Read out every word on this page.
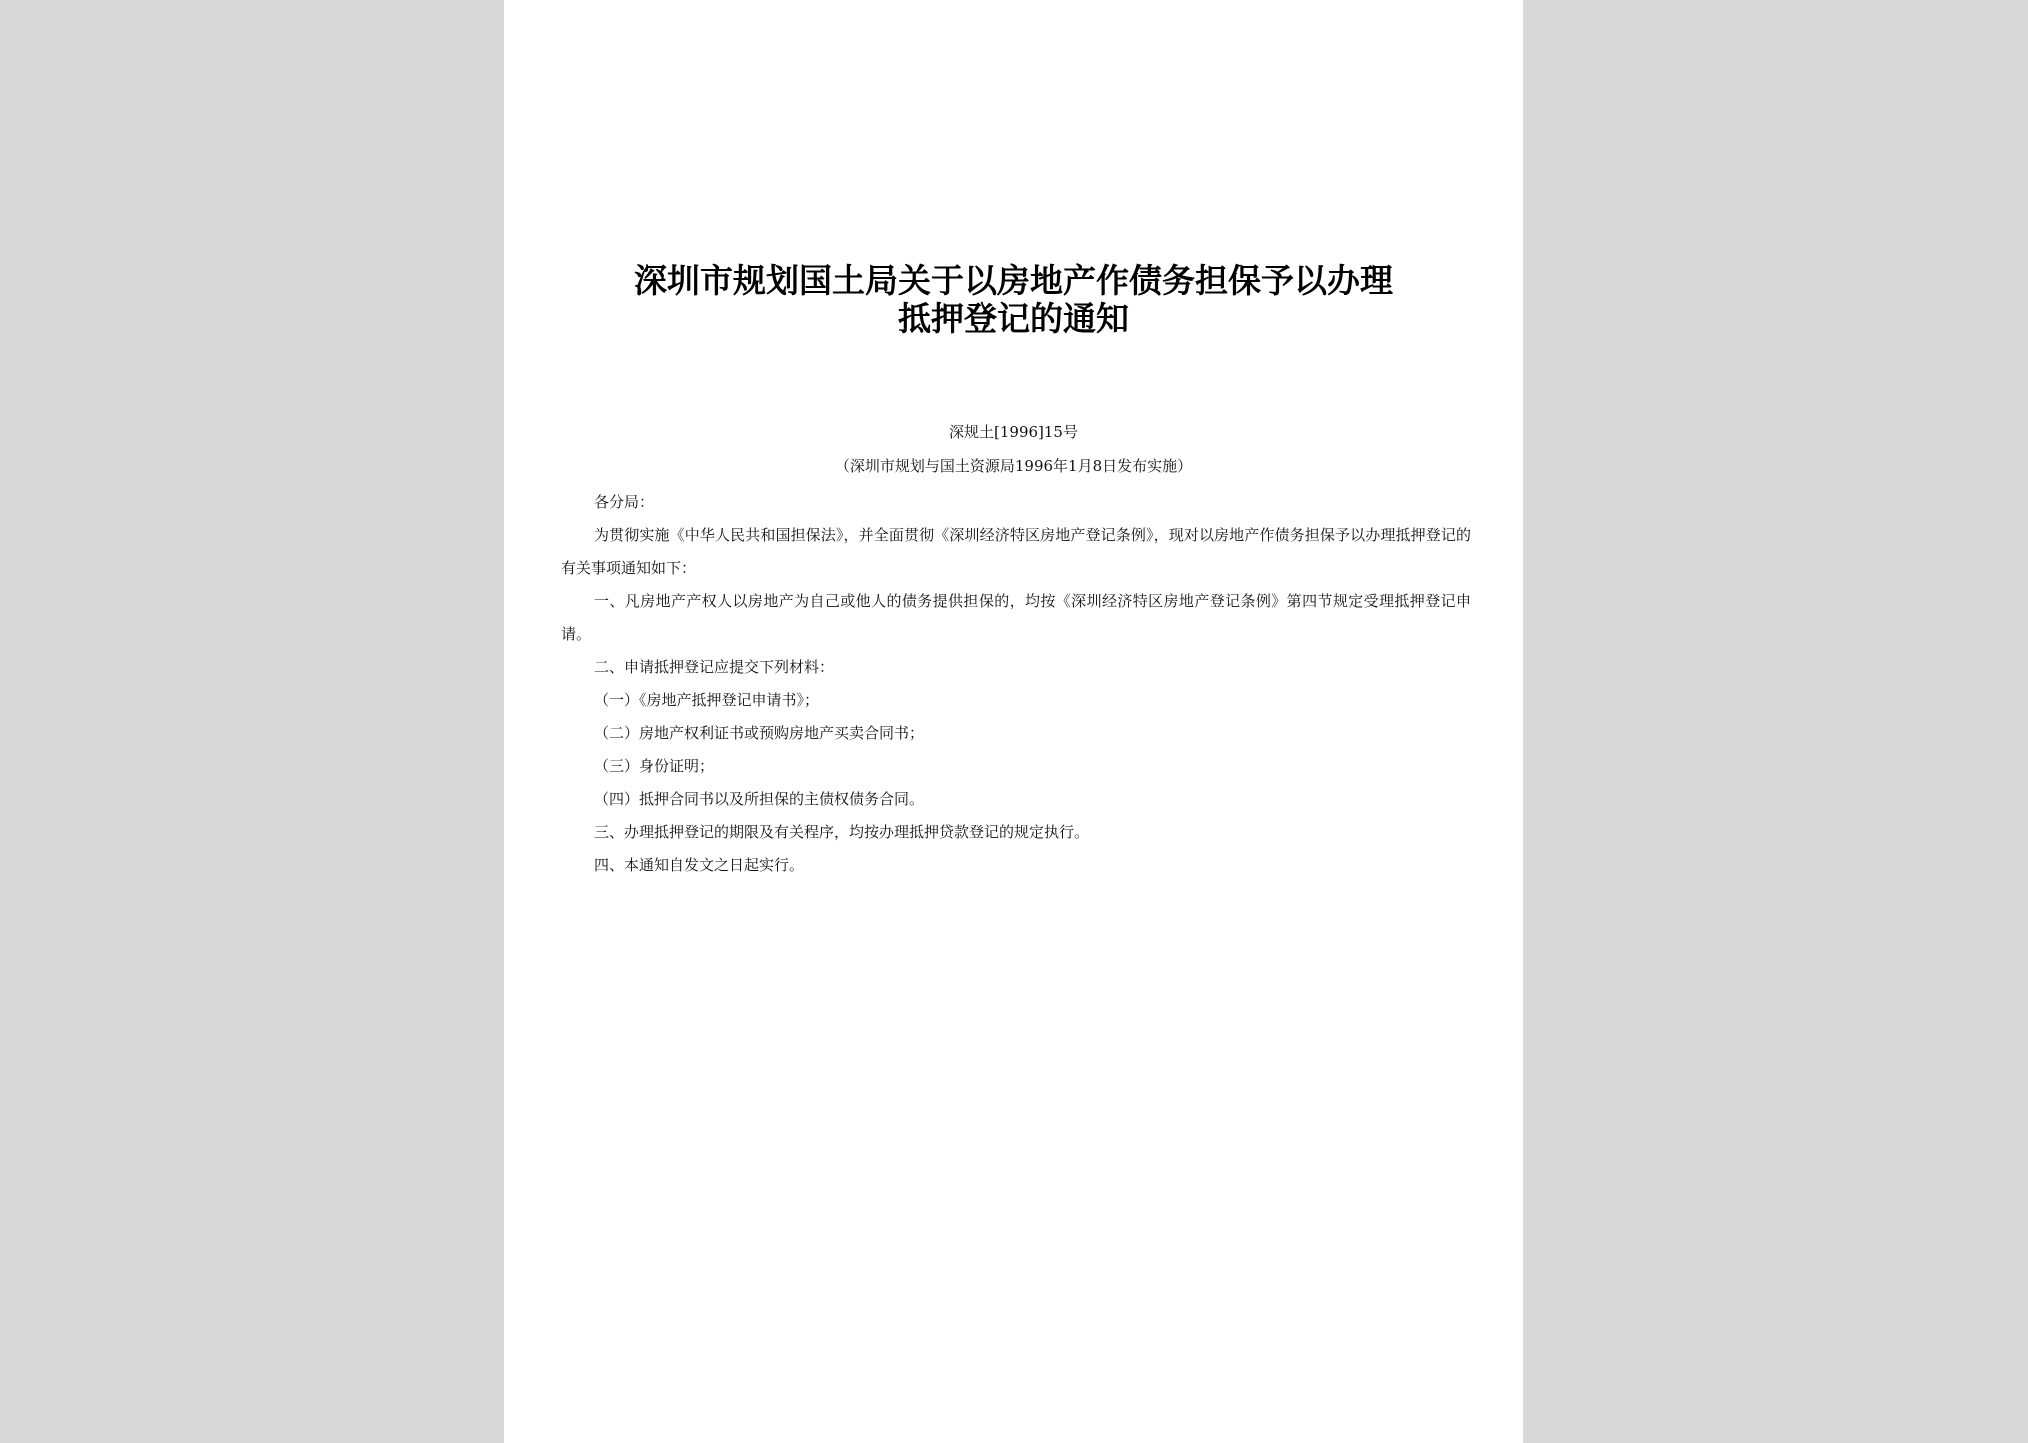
深圳市规划国土局关于以房地产作债务担保予以办理
抵押登记的通知
深规土[1996]15号
（深圳市规划与国土资源局1996年1月8日发布实施）

各分局：

为贯彻实施《中华人民共和国担保法》，并全面贯彻《深圳经济特区房地产登记条例》，现对以房地产作债务担保予以办理抵押登记的有关事项通知如下：

一、凡房地产产权人以房地产为自己或他人的债务提供担保的，均按《深圳经济特区房地产登记条例》第四节规定受理抵押登记申请。

二、申请抵押登记应提交下列材料：

（一）《房地产抵押登记申请书》；

（二）房地产权利证书或预购房地产买卖合同书；

（三）身份证明；

（四）抵押合同书以及所担保的主债权债务合同。

三、办理抵押登记的期限及有关程序，均按办理抵押贷款登记的规定执行。

四、本通知自发文之日起实行。
